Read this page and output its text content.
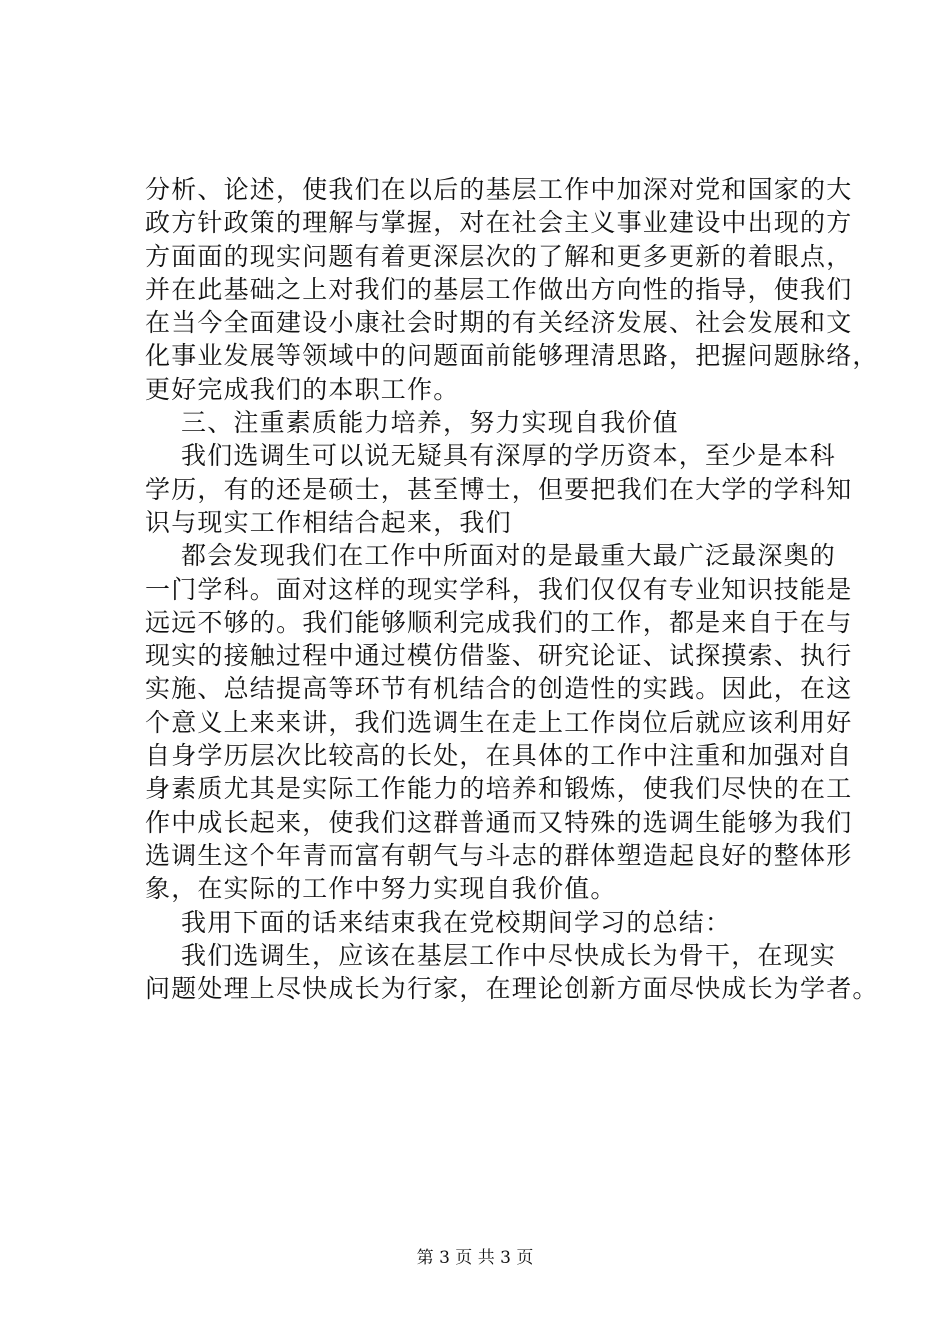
分析、论述，使我们在以后的基层工作中加深对党和国家的大
政方针政策的理解与掌握，对在社会主义事业建设中出现的方
方面面的现实问题有着更深层次的了解和更多更新的着眼点，
并在此基础之上对我们的基层工作做出方向性的指导，使我们
在当今全面建设小康社会时期的有关经济发展、社会发展和文
化事业发展等领域中的问题面前能够理清思路，把握问题脉络，
更好完成我们的本职工作。
三、注重素质能力培养，努力实现自我价值
我们选调生可以说无疑具有深厚的学历资本，至少是本科
学历，有的还是硕士，甚至博士，但要把我们在大学的学科知
识与现实工作相结合起来，我们
都会发现我们在工作中所面对的是最重大最广泛最深奥的
一门学科。面对这样的现实学科，我们仅仅有专业知识技能是
远远不够的。我们能够顺利完成我们的工作，都是来自于在与
现实的接触过程中通过模仿借鉴、研究论证、试探摸索、执行
实施、总结提高等环节有机结合的创造性的实践。因此，在这
个意义上来来讲，我们选调生在走上工作岗位后就应该利用好
自身学历层次比较高的长处，在具体的工作中注重和加强对自
身素质尤其是实际工作能力的培养和锻炼，使我们尽快的在工
作中成长起来，使我们这群普通而又特殊的选调生能够为我们
选调生这个年青而富有朝气与斗志的群体塑造起良好的整体形
象，在实际的工作中努力实现自我价值。
我用下面的话来结束我在党校期间学习的总结：
我们选调生，应该在基层工作中尽快成长为骨干，在现实
问题处理上尽快成长为行家，在理论创新方面尽快成长为学者。
第 3 页 共 3 页
